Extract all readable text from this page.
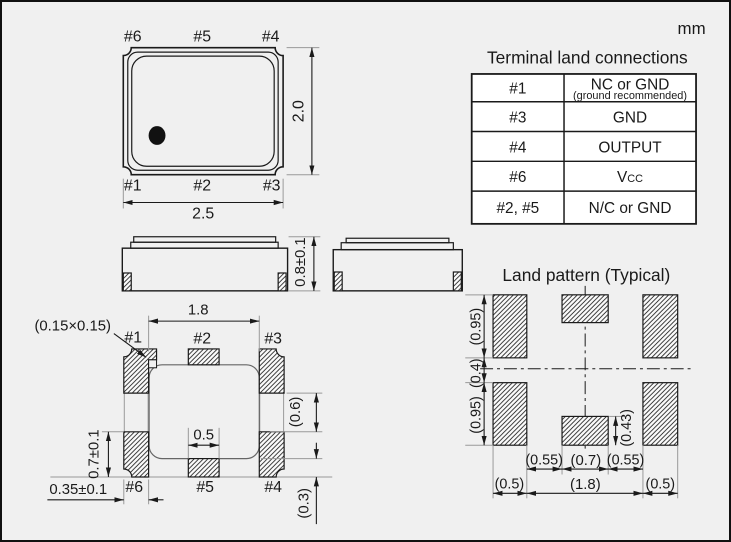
mm
#6	#5	#4
#1	#2	#3
2.5
2.0
Terminal land connections
#1	NC or GND
(ground recommended)
#3	GND
#4	OUTPUT
#6	VCC
#2, #5	N/C or GND
0.8±0.1
#1	#2	#3
#6	#5	#4
1.8
(0.15×0.15)
0.5
0.7±0.1
0.35±0.1
(0.6)
(0.3)
Land pattern (Typical)
(0.95)
(0.4)
(0.95)	(0.43)
(0.55) (0.7) (0.55)
(0.5)	(1.8)	(0.5)
